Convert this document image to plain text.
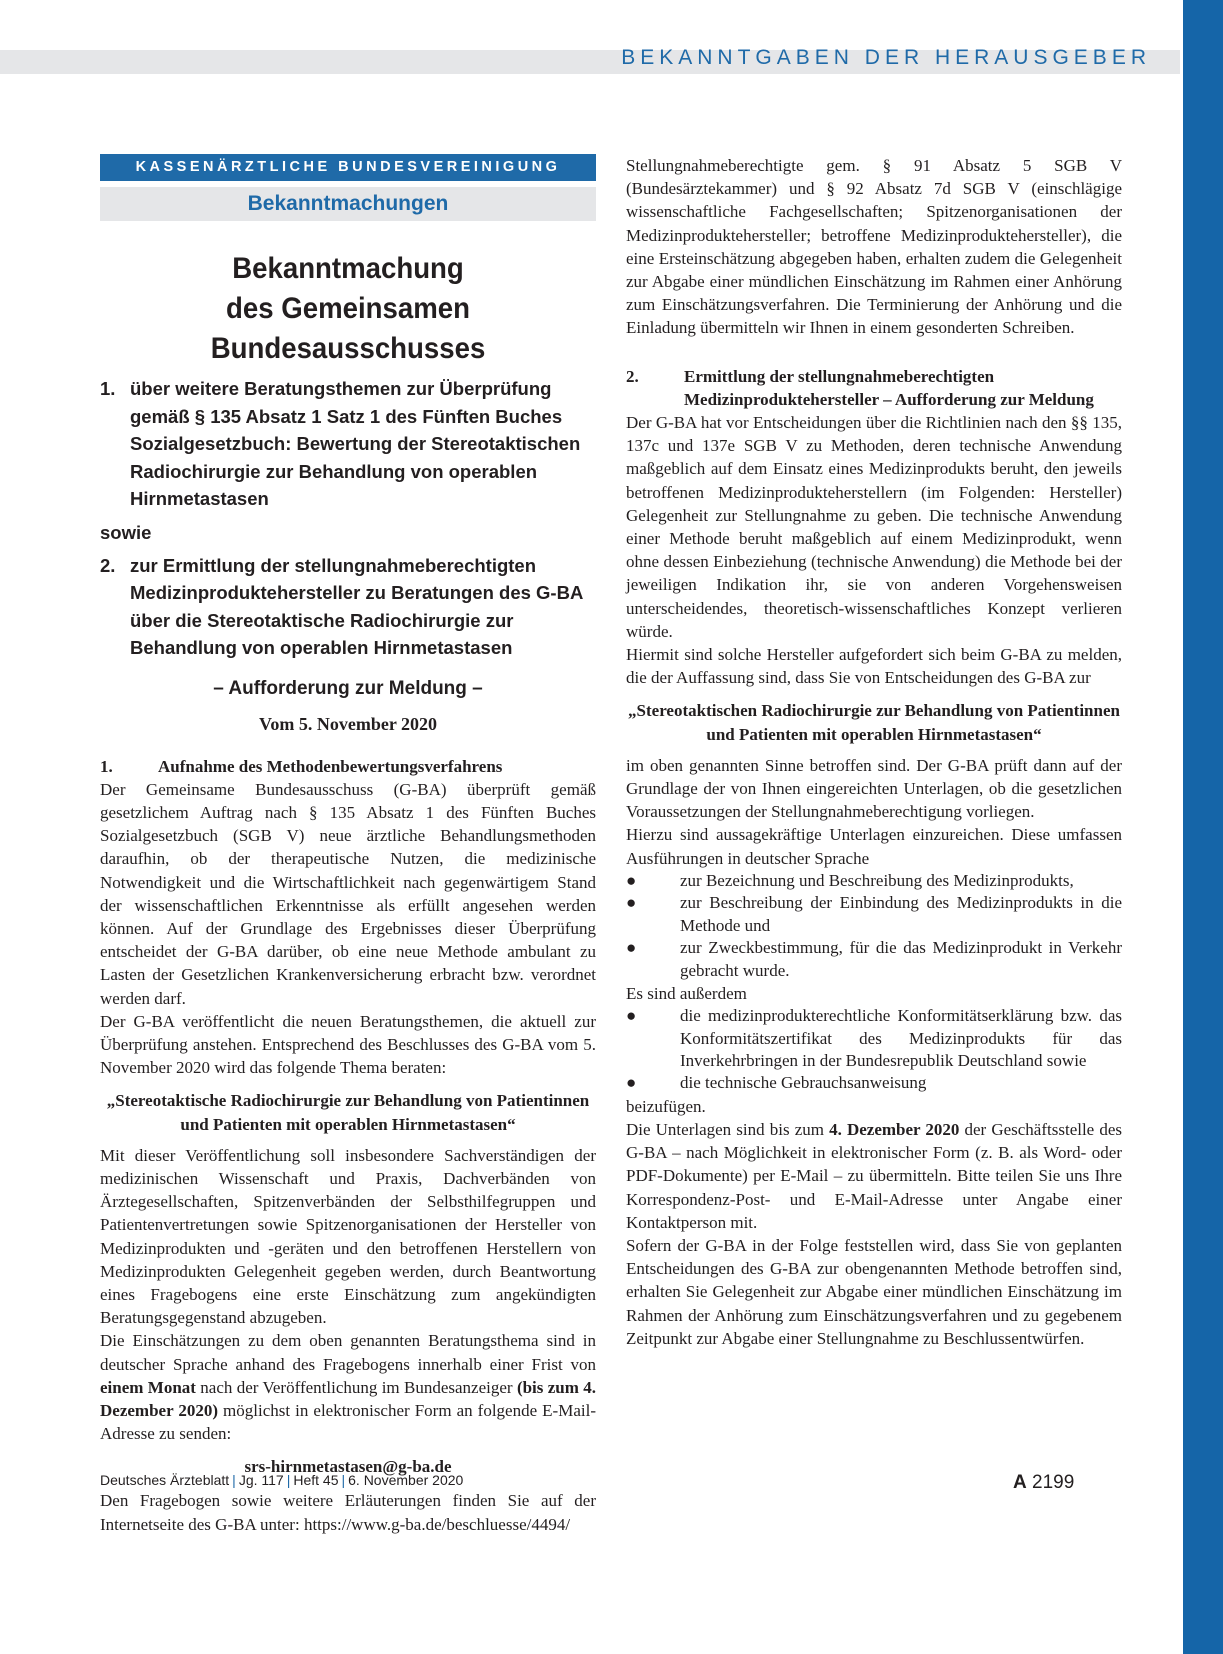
BEKANNTGABEN DER HERAUSGEBER
KASSENÄRZTLICHE BUNDESVEREINIGUNG
Bekanntmachungen
Bekanntmachung
des Gemeinsamen Bundesausschusses
1. über weitere Beratungsthemen zur Überprüfung gemäß § 135 Absatz 1 Satz 1 des Fünften Buches Sozialgesetzbuch: Bewertung der Stereotaktischen Radiochirurgie zur Behandlung von operablen Hirnmetastasen
sowie
2. zur Ermittlung der stellungnahmeberechtigten Medizinproduktehersteller zu Beratungen des G-BA über die Stereotaktische Radiochirurgie zur Behandlung von operablen Hirnmetastasen
– Aufforderung zur Meldung –
Vom 5. November 2020
1.	Aufnahme des Methodenbewertungsverfahrens

Der Gemeinsame Bundesausschuss (G-BA) überprüft gemäß gesetzlichem Auftrag nach § 135 Absatz 1 des Fünften Buches Sozialgesetzbuch (SGB V) neue ärztliche Behandlungsmethoden daraufhin, ob der therapeutische Nutzen, die medizinische Notwendigkeit und die Wirtschaftlichkeit nach gegenwärtigem Stand der wissenschaftlichen Erkenntnisse als erfüllt angesehen werden können. Auf der Grundlage des Ergebnisses dieser Überprüfung entscheidet der G-BA darüber, ob eine neue Methode ambulant zu Lasten der Gesetzlichen Krankenversicherung erbracht bzw. verordnet werden darf.

Der G-BA veröffentlicht die neuen Beratungsthemen, die aktuell zur Überprüfung anstehen. Entsprechend des Beschlusses des G-BA vom 5. November 2020 wird das folgende Thema beraten:

„Stereotaktische Radiochirurgie zur Behandlung von Patientinnen und Patienten mit operablen Hirnmetastasen“

Mit dieser Veröffentlichung soll insbesondere Sachverständigen der medizinischen Wissenschaft und Praxis, Dachverbänden von Ärztegesellschaften, Spitzenverbänden der Selbsthilfegruppen und Patientenvertretungen sowie Spitzenorganisationen der Hersteller von Medizinprodukten und -geräten und den betroffenen Herstellern von Medizinprodukten Gelegenheit gegeben werden, durch Beantwortung eines Fragebogens eine erste Einschätzung zum angekündigten Beratungsgegenstand abzugeben.

Die Einschätzungen zu dem oben genannten Beratungsthema sind in deutscher Sprache anhand des Fragebogens innerhalb einer Frist von einem Monat nach der Veröffentlichung im Bundesanzeiger (bis zum 4. Dezember 2020) möglichst in elektronischer Form an folgende E-Mail-Adresse zu senden:

srs-hirnmetastasen@g-ba.de

Den Fragebogen sowie weitere Erläuterungen finden Sie auf der Internetseite des G-BA unter: https://www.g-ba.de/beschluesse/4494/

Stellungnahmeberechtigte gem. § 91 Absatz 5 SGB V (Bundesärztekammer) und § 92 Absatz 7d SGB V (einschlägige wissenschaftliche Fachgesellschaften; Spitzenorganisationen der Medizinproduktehersteller; betroffene Medizinproduktehersteller), die eine Ersteinschätzung abgegeben haben, erhalten zudem die Gelegenheit zur Abgabe einer mündlichen Einschätzung im Rahmen einer Anhörung zum Einschätzungsverfahren. Die Terminierung der Anhörung und die Einladung übermitteln wir Ihnen in einem gesonderten Schreiben.

2.	Ermittlung der stellungnahmeberechtigten Medizinproduktehersteller – Aufforderung zur Meldung

Der G-BA hat vor Entscheidungen über die Richtlinien nach den §§ 135, 137c und 137e SGB V zu Methoden, deren technische Anwendung maßgeblich auf dem Einsatz eines Medizinprodukts beruht, den jeweils betroffenen Medizinprodukteherstellern (im Folgenden: Hersteller) Gelegenheit zur Stellungnahme zu geben. Die technische Anwendung einer Methode beruht maßgeblich auf einem Medizinprodukt, wenn ohne dessen Einbeziehung (technische Anwendung) die Methode bei der jeweiligen Indikation ihr, sie von anderen Vorgehensweisen unterscheidendes, theoretisch-wissenschaftliches Konzept verlieren würde.

Hiermit sind solche Hersteller aufgefordert sich beim G-BA zu melden, die der Auffassung sind, dass Sie von Entscheidungen des G-BA zur

„Stereotaktischen Radiochirurgie zur Behandlung von Patientinnen und Patienten mit operablen Hirnmetastasen“

im oben genannten Sinne betroffen sind. Der G-BA prüft dann auf der Grundlage der von Ihnen eingereichten Unterlagen, ob die gesetzlichen Voraussetzungen der Stellungnahmeberechtigung vorliegen.

Hierzu sind aussagekräftige Unterlagen einzureichen. Diese umfassen Ausführungen in deutscher Sprache

●	zur Bezeichnung und Beschreibung des Medizinprodukts,
●	zur Beschreibung der Einbindung des Medizinprodukts in die Methode und
●	zur Zweckbestimmung, für die das Medizinprodukt in Verkehr gebracht wurde.

Es sind außerdem

●	die medizinprodukterechtliche Konformitätserklärung bzw. das Konformitätszertifikat des Medizinprodukts für das Inverkehrbringen in der Bundesrepublik Deutschland sowie
●	die technische Gebrauchsanweisung

beizufügen.

Die Unterlagen sind bis zum 4. Dezember 2020 der Geschäftsstelle des G-BA – nach Möglichkeit in elektronischer Form (z. B. als Word- oder PDF-Dokumente) per E-Mail – zu übermitteln. Bitte teilen Sie uns Ihre Korrespondenz-Post- und E-Mail-Adresse unter Angabe einer Kontaktperson mit.

Sofern der G-BA in der Folge feststellen wird, dass Sie von geplanten Entscheidungen des G-BA zur obengenannten Methode betroffen sind, erhalten Sie Gelegenheit zur Abgabe einer mündlichen Einschätzung im Rahmen der Anhörung zum Einschätzungsverfahren und zu gegebenem Zeitpunkt zur Abgabe einer Stellungnahme zu Beschlussentwürfen.

Deutsches Ärzteblatt | Jg. 117 | Heft 45 | 6. November 2020	A 2199
